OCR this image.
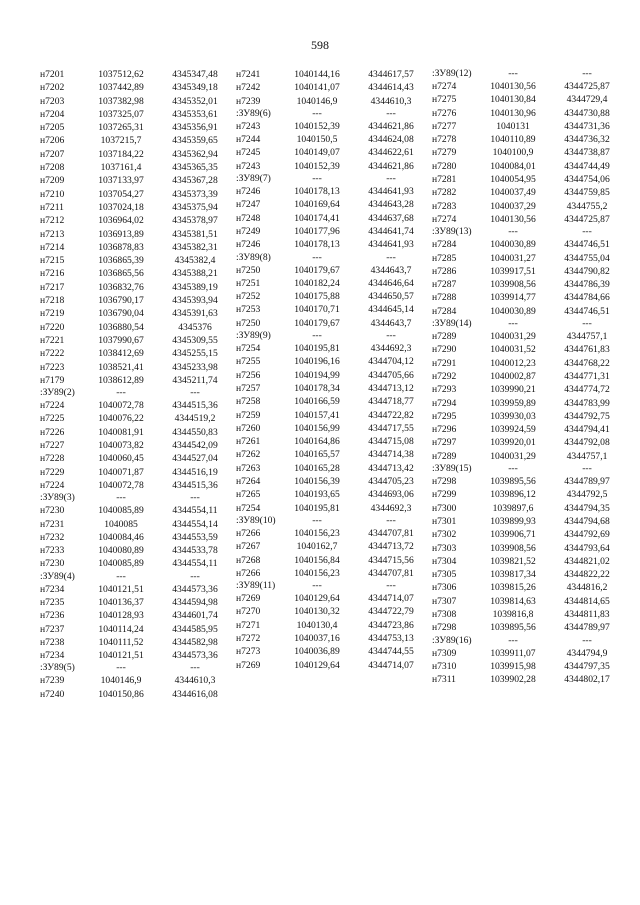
598
н7201	1037512,62	4345347,48
н7202	1037442,89	4345349,18
н7203	1037382,98	4345352,01
н7204	1037325,07	4345353,61
н7205	1037265,31	4345356,91
н7206	1037215,7	4345359,65
н7207	1037184,22	4345362,94
н7208	1037161,4	4345365,35
н7209	1037133,97	4345367,28
н7210	1037054,27	4345373,39
н7211	1037024,18	4345375,94
н7212	1036964,02	4345378,97
н7213	1036913,89	4345381,51
н7214	1036878,83	4345382,31
н7215	1036865,39	4345382,4
н7216	1036865,56	4345388,21
н7217	1036832,76	4345389,19
н7218	1036790,17	4345393,94
н7219	1036790,04	4345391,63
н7220	1036880,54	4345376
н7221	1037990,67	4345309,55
н7222	1038412,69	4345255,15
н7223	1038521,41	4345233,98
н7179	1038612,89	4345211,74
:ЗУ89(2)	---	---
н7224	1040072,78	4344515,36
н7225	1040076,22	4344519,2
н7226	1040081,91	4344550,83
н7227	1040073,82	4344542,09
н7228	1040060,45	4344527,04
н7229	1040071,87	4344516,19
н7224	1040072,78	4344515,36
:ЗУ89(3)	---	---
н7230	1040085,89	4344554,11
н7231	1040085	4344554,14
н7232	1040084,46	4344553,59
н7233	1040080,89	4344533,78
н7230	1040085,89	4344554,11
:ЗУ89(4)	---	---
н7234	1040121,51	4344573,36
н7235	1040136,37	4344594,98
н7236	1040128,93	4344601,74
н7237	1040114,24	4344585,95
н7238	1040111,52	4344582,98
н7234	1040121,51	4344573,36
:ЗУ89(5)	---	---
н7239	1040146,9	4344610,3
н7240	1040150,86	4344616,08
н7241	1040144,16	4344617,57
н7242	1040141,07	4344614,43
н7239	1040146,9	4344610,3
:ЗУ89(6)	---	---
н7243	1040152,39	4344621,86
н7244	1040150,5	4344624,08
н7245	1040149,07	4344622,61
н7243	1040152,39	4344621,86
:ЗУ89(7)	---	---
н7246	1040178,13	4344641,93
н7247	1040169,64	4344643,28
н7248	1040174,41	4344637,68
н7249	1040177,96	4344641,74
н7246	1040178,13	4344641,93
:ЗУ89(8)	---	---
н7250	1040179,67	4344643,7
н7251	1040182,24	4344646,64
н7252	1040175,88	4344650,57
н7253	1040170,71	4344645,14
н7250	1040179,67	4344643,7
:ЗУ89(9)	---	---
н7254	1040195,81	4344692,3
н7255	1040196,16	4344704,12
н7256	1040194,99	4344705,66
н7257	1040178,34	4344713,12
н7258	1040166,59	4344718,77
н7259	1040157,41	4344722,82
н7260	1040156,99	4344717,55
н7261	1040164,86	4344715,08
н7262	1040165,57	4344714,38
н7263	1040165,28	4344713,42
н7264	1040156,39	4344705,23
н7265	1040193,65	4344693,06
н7254	1040195,81	4344692,3
:ЗУ89(10)	---	---
н7266	1040156,23	4344707,81
н7267	1040162,7	4344713,72
н7268	1040156,84	4344715,56
н7266	1040156,23	4344707,81
:ЗУ89(11)	---	---
н7269	1040129,64	4344714,07
н7270	1040130,32	4344722,79
н7271	1040130,4	4344723,86
н7272	1040037,16	4344753,13
н7273	1040036,89	4344744,55
н7269	1040129,64	4344714,07
:ЗУ89(12)	---	---
н7274	1040130,56	4344725,87
н7275	1040130,84	4344729,4
н7276	1040130,96	4344730,88
н7277	1040131	4344731,36
н7278	1040110,89	4344736,32
н7279	1040100,9	4344738,87
н7280	1040084,01	4344744,49
н7281	1040054,95	4344754,06
н7282	1040037,49	4344759,85
н7283	1040037,29	4344755,2
н7274	1040130,56	4344725,87
:ЗУ89(13)	---	---
н7284	1040030,89	4344746,51
н7285	1040031,27	4344755,04
н7286	1039917,51	4344790,82
н7287	1039908,56	4344786,39
н7288	1039914,77	4344784,66
н7284	1040030,89	4344746,51
:ЗУ89(14)	---	---
н7289	1040031,29	4344757,1
н7290	1040031,52	4344761,83
н7291	1040012,23	4344768,22
н7292	1040002,87	4344771,31
н7293	1039990,21	4344774,72
н7294	1039959,89	4344783,99
н7295	1039930,03	4344792,75
н7296	1039924,59	4344794,41
н7297	1039920,01	4344792,08
н7289	1040031,29	4344757,1
:ЗУ89(15)	---	---
н7298	1039895,56	4344789,97
н7299	1039896,12	4344792,5
н7300	1039897,6	4344794,35
н7301	1039899,93	4344794,68
н7302	1039906,71	4344792,69
н7303	1039908,56	4344793,64
н7304	1039821,52	4344821,02
н7305	1039817,34	4344822,22
н7306	1039815,26	4344816,2
н7307	1039814,63	4344814,65
н7308	1039816,8	4344811,83
н7298	1039895,56	4344789,97
:ЗУ89(16)	---	---
н7309	1039911,07	4344794,9
н7310	1039915,98	4344797,35
н7311	1039902,28	4344802,17
